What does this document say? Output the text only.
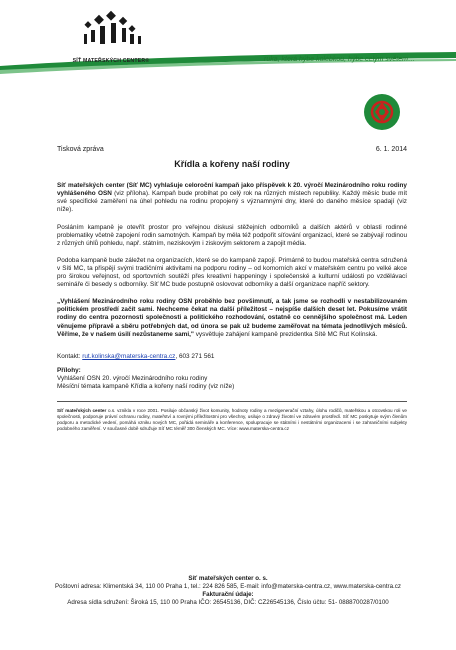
SÍŤ MATEŘSKÝCH CENTER®	ruka, která hýbe kolébkou, hýbe celým světem…
Tisková zpráva	6. 1. 2014
Křídla a kořeny naší rodiny

Síť mateřských center (Síť MC) vyhlašuje celoroční kampaň jako příspěvek k 20. výročí Mezinárodního roku rodiny vyhlášeného OSN (viz příloha). Kampaň bude probíhat po celý rok na různých místech republiky. Každý měsíc bude mít své specifické zaměření na úhel pohledu na rodinu propojený s významnými dny, které do daného měsíce spadají (viz níže).

Posláním kampaně je otevřít prostor pro veřejnou diskusi stěžejních odborníků a dalších aktérů v oblasti rodinné problematiky včetně zapojení rodin samotných. Kampaň by měla též podpořit síťování organizací, které se zabývají rodinou z různých úhlů pohledu, např. státním, neziskovým i ziskovým sektorem a zapojit média.

Podoba kampaně bude záležet na organizacích, které se do kampaně zapojí. Primárně to budou mateřská centra sdružená v Síti MC, ta přispějí svými tradičními aktivitami na podporu rodiny – od komorních akcí v mateřském centru po velké akce pro širokou veřejnost, od sportovních soutěží přes kreativní happeningy i společenské a kulturní události po vzdělávací semináře či besedy s odborníky. Síť MC bude postupně oslovovat odborníky a další organizace napříč sektory.

„Vyhlášení Mezinárodního roku rodiny OSN proběhlo bez povšimnutí, a tak jsme se rozhodli v nestabilizovaném politickém prostředí začít sami. Nechceme čekat na další příležitost – nejspíše dalších deset let. Pokusíme vrátit rodiny do centra pozornosti společnosti a politického rozhodování, ostatně co cennějšího společnost má. Leden věnujeme přípravě a sběru potřebných dat, od února se pak už budeme zaměřovat na témata jednotlivých měsíců. Věříme, že v našem úsilí nezůstaneme sami," vysvětluje zahájení kampaně prezidentka Sítě MC Rut Kolínská.

Kontakt: rut.kolinska@materska-centra.cz, 603 271 561
Přílohy:
Vyhlášení OSN 20. výročí Mezinárodního roku rodiny
Měsíční témata kampaně Křídla a kořeny naší rodiny (viz níže)
Síť mateřských center o.s. vznikla v roce 2001. Posiluje občanský život komunity, hodnoty rodiny a mezigenerační vztahy, úlohu rodičů, mateřskou a otcovskou roli ve společnosti, podporuje právní ochranu rodiny, mateřství a rovnými příležitostmi pro všechny, usiluje o zdravý životní ve zdravém prostředí. Síť MC poskytuje svým členům podporu a metodické vedení, pomáhá vzniku nových MC, pořádá semináře a konference, spolupracuje se státními i nestátními organizacemi i se zahraničními subjekty podobného zaměření. V současné době sdružuje Síť MC téměř 300 členských MC. Více: www.materska-centra.cz
Síť mateřských center o. s.
Poštovní adresa: Klimentská 34, 110 00 Praha 1, tel.: 224 826 585, E-mail: info@materska-centra.cz, www.materska-centra.cz
Fakturační údaje:
Adresa sídla sdružení: Široká 15, 110 00 Praha IČO: 26545136, DIČ: CZ26545136, Číslo účtu: 51- 0888700287/0100
